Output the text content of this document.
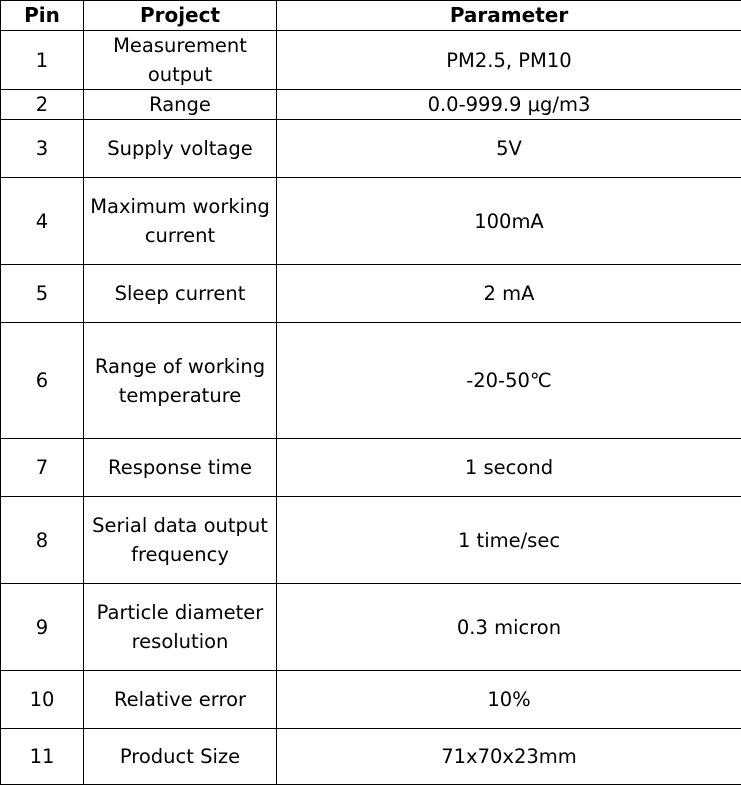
Pin	Project	Parameter
1	Measurement output	PM2.5, PM10
2	Range	0.0-999.9 μg/m3
3	Supply voltage	5V
4	Maximum working current	100mA
5	Sleep current	2 mA
6	Range of working temperature	-20-50℃
7	Response time	1 second
8	Serial data output frequency	1 time/sec
9	Particle diameter resolution	0.3 micron
10	Relative error	10%
11	Product Size	71x70x23mm
